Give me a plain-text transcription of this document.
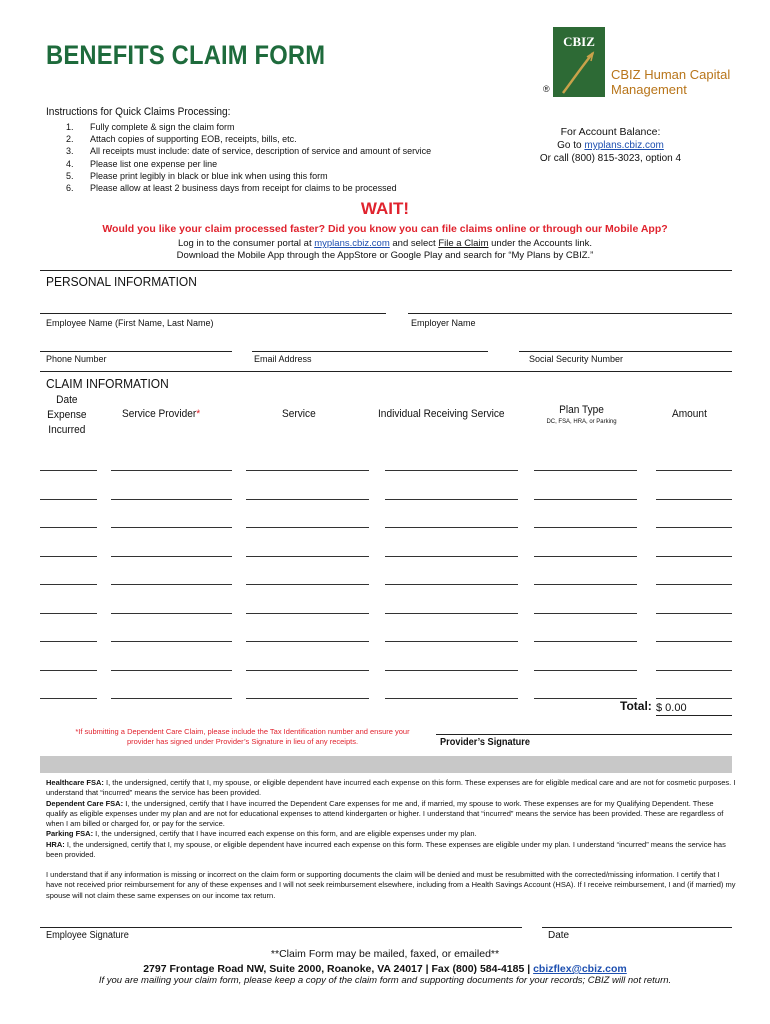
BENEFITS CLAIM FORM	CBIZ
®
CBIZ Human Capital
Management
Instructions for Quick Claims Processing:
1.	Fully complete & sign the claim form
2.	Attach copies of supporting EOB, receipts, bills, etc.
3.	All receipts must include: date of service, description of service and amount of service
4.	Please list one expense per line
5.	Please print legibly in black or blue ink when using this form
6.	Please allow at least 2 business days from receipt for claims to be processed
For Account Balance:
Go to myplans.cbiz.com
Or call (800) 815-3023, option 4
WAIT!
Would you like your claim processed faster? Did you know you can file claims online or through our Mobile App?
Log in to the consumer portal at myplans.cbiz.com and select File a Claim under the Accounts link.
Download the Mobile App through the AppStore or Google Play and search for “My Plans by CBIZ.”
PERSONAL INFORMATION
Employee Name (First Name, Last Name)	Employer Name
Phone Number	Email Address	Social Security Number
CLAIM INFORMATION
Date
Expense
Incurred
Service Provider*	Service	Individual Receiving Service	Plan Type
DC, FSA, HRA, or Parking
Amount
Total: $ 0.00
*If submitting a Dependent Care Claim, please include the Tax Identification number and ensure your provider has signed under Provider’s Signature in lieu of any receipts.	Provider’s Signature
Healthcare FSA: I, the undersigned, certify that I, my spouse, or eligible dependent have incurred each expense on this form. These expenses are for eligible medical care and are not for cosmetic purposes. I understand that “incurred” means the service has been provided.
Dependent Care FSA: I, the undersigned, certify that I have incurred the Dependent Care expenses for me and, if married, my spouse to work. These expenses are for my Qualifying Dependent. These qualify as eligible expenses under my plan and are not for educational expenses to attend kindergarten or higher. I understand that “incurred” means the service has been provided. These are regardless of when I am billed or charged for, or pay for the service.
Parking FSA: I, the undersigned, certify that I have incurred each expense on this form, and are eligible expenses under my plan.
HRA: I, the undersigned, certify that I, my spouse, or eligible dependent have incurred each expense on this form. These expenses are eligible under my plan. I understand “incurred” means the service has been provided.
I understand that if any information is missing or incorrect on the claim form or supporting documents the claim will be denied and must be resubmitted with the corrected/missing information. I certify that I have not received prior reimbursement for any of these expenses and I will not seek reimbursement elsewhere, including from a Health Savings Account (HSA). If I receive reimbursement, I and (if married) my spouse will not claim these same expenses on our income tax return.
Employee Signature	Date
**Claim Form may be mailed, faxed, or emailed**
2797 Frontage Road NW, Suite 2000, Roanoke, VA 24017 | Fax (800) 584-4185 | cbizflex@cbiz.com
If you are mailing your claim form, please keep a copy of the claim form and supporting documents for your records; CBIZ will not return.
